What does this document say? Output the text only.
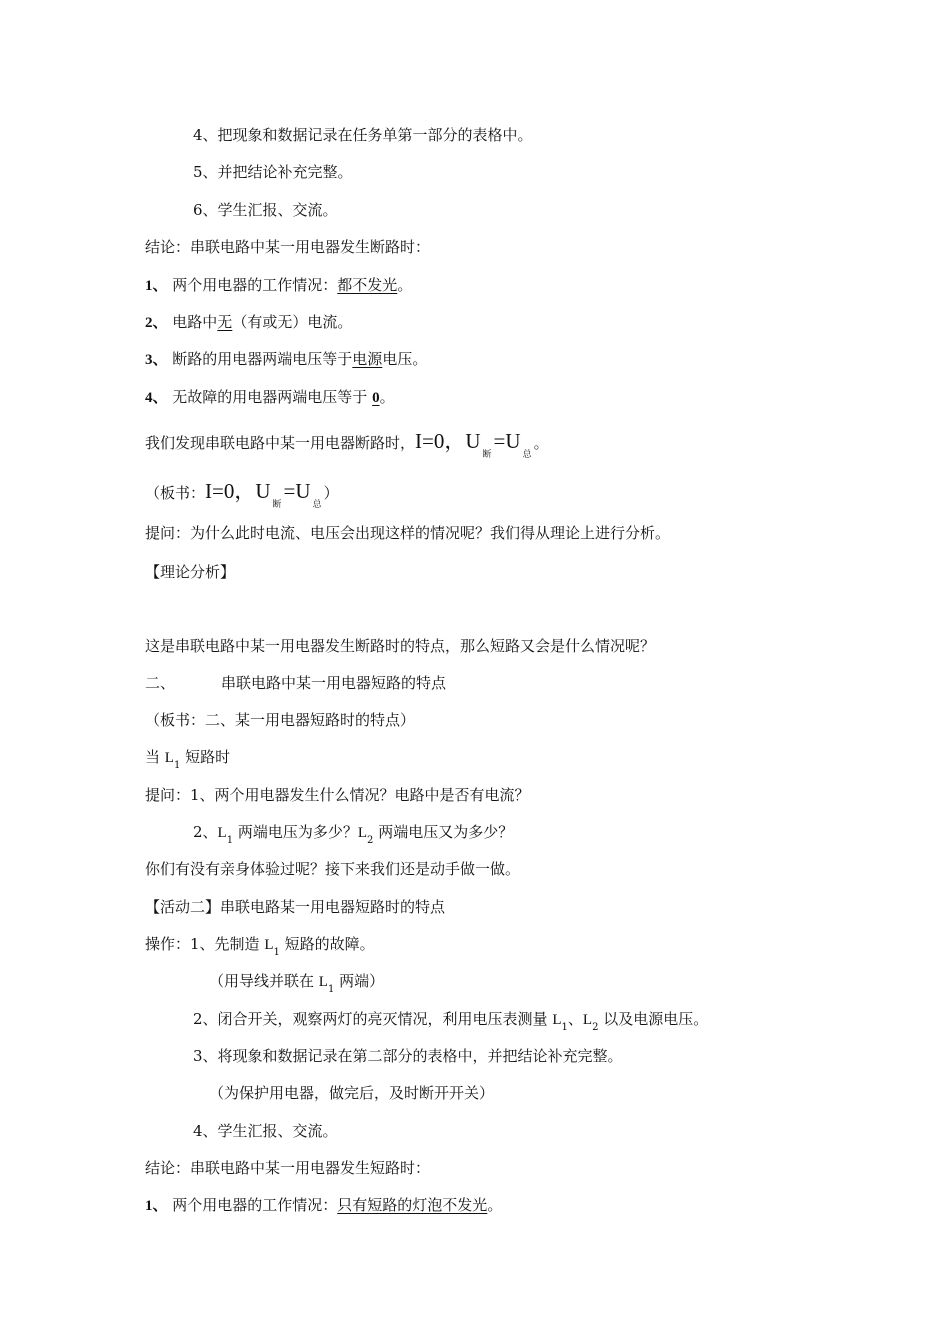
4、把现象和数据记录在任务单第一部分的表格中。
5、并把结论补充完整。
6、学生汇报、交流。
结论：串联电路中某一用电器发生断路时：
1、 两个用电器的工作情况：都不发光。
2、 电路中无（有或无）电流。
3、 断路的用电器两端电压等于电源电压。
4、 无故障的用电器两端电压等于 0。
我们发现串联电路中某一用电器断路时，I=0，$U_断=U_总$。
（板书：I=0，$U_断=U_总$）
提问：为什么此时电流、电压会出现这样的情况呢？我们得从理论上进行分析。
【理论分析】
这是串联电路中某一用电器发生断路时的特点，那么短路又会是什么情况呢？
二、	串联电路中某一用电器短路的特点
（板书：二、某一用电器短路时的特点）
当 $L_1$ 短路时
提问：1、两个用电器发生什么情况？电路中是否有电流？
2、$L_1$ 两端电压为多少？$L_2$ 两端电压又为多少？
你们有没有亲身体验过呢？接下来我们还是动手做一做。
【活动二】串联电路某一用电器短路时的特点
操作：1、先制造 $L_1$ 短路的故障。
（用导线并联在 $L_1$ 两端）
2、闭合开关，观察两灯的亮灭情况，利用电压表测量 $L_1$、$L_2$ 以及电源电压。
3、将现象和数据记录在第二部分的表格中，并把结论补充完整。
（为保护用电器，做完后，及时断开开关）
4、学生汇报、交流。
结论：串联电路中某一用电器发生短路时：
1、 两个用电器的工作情况：只有短路的灯泡不发光。
